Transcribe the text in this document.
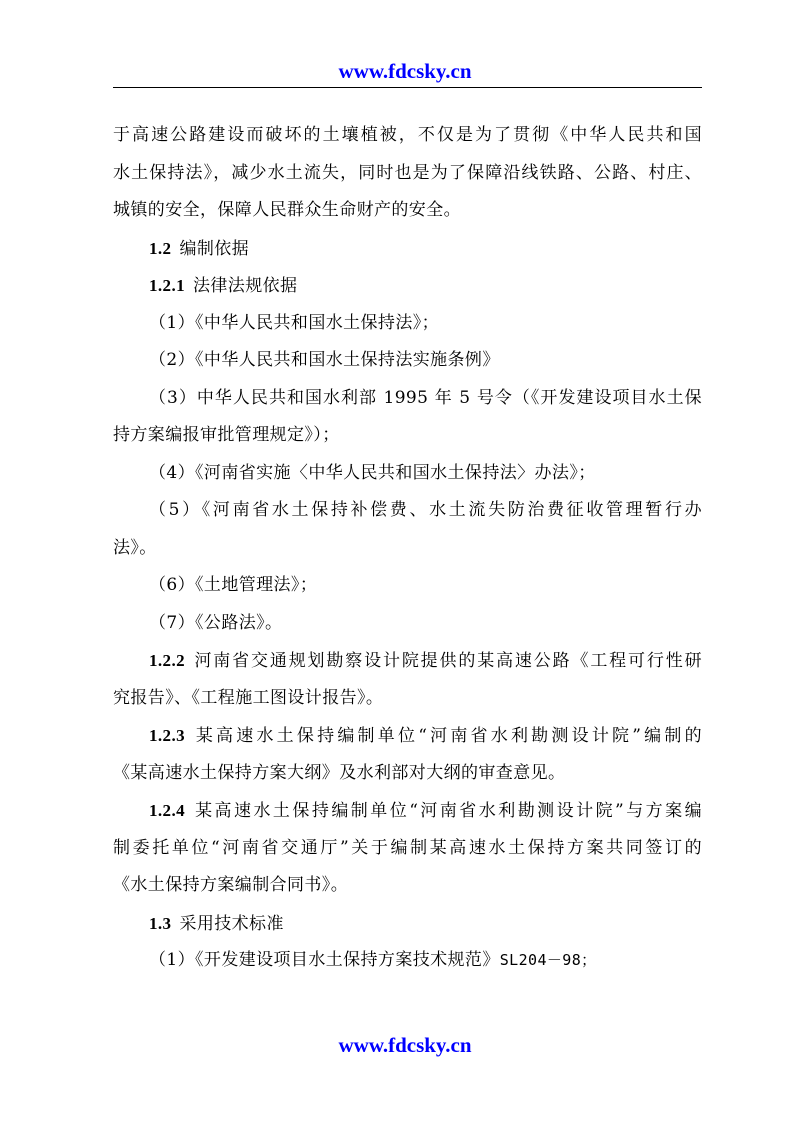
www.fdcsky.cn
于高速公路建设而破坏的土壤植被，不仅是为了贯彻《中华人民共和国
水土保持法》，减少水土流失，同时也是为了保障沿线铁路、公路、村庄、
城镇的安全，保障人民群众生命财产的安全。
1.2 编制依据
1.2.1 法律法规依据
（1）《中华人民共和国水土保持法》；
（2）《中华人民共和国水土保持法实施条例》
（3）中华人民共和国水利部 1995 年 5 号令（《开发建设项目水土保
持方案编报审批管理规定》）；
（4）《河南省实施〈中华人民共和国水土保持法〉办法》；
（5）《河南省水土保持补偿费、水土流失防治费征收管理暂行办
法》。
（6）《土地管理法》；
（7）《公路法》。
1.2.2 河南省交通规划勘察设计院提供的某高速公路《工程可行性研
究报告》、《工程施工图设计报告》。
1.2.3 某高速水土保持编制单位“河南省水利勘测设计院”编制的
《某高速水土保持方案大纲》及水利部对大纲的审查意见。
1.2.4 某高速水土保持编制单位“河南省水利勘测设计院”与方案编
制委托单位“河南省交通厅”关于编制某高速水土保持方案共同签订的
《水土保持方案编制合同书》。
1.3 采用技术标准
（1）《开发建设项目水土保持方案技术规范》SL204－98；
www.fdcsky.cn
